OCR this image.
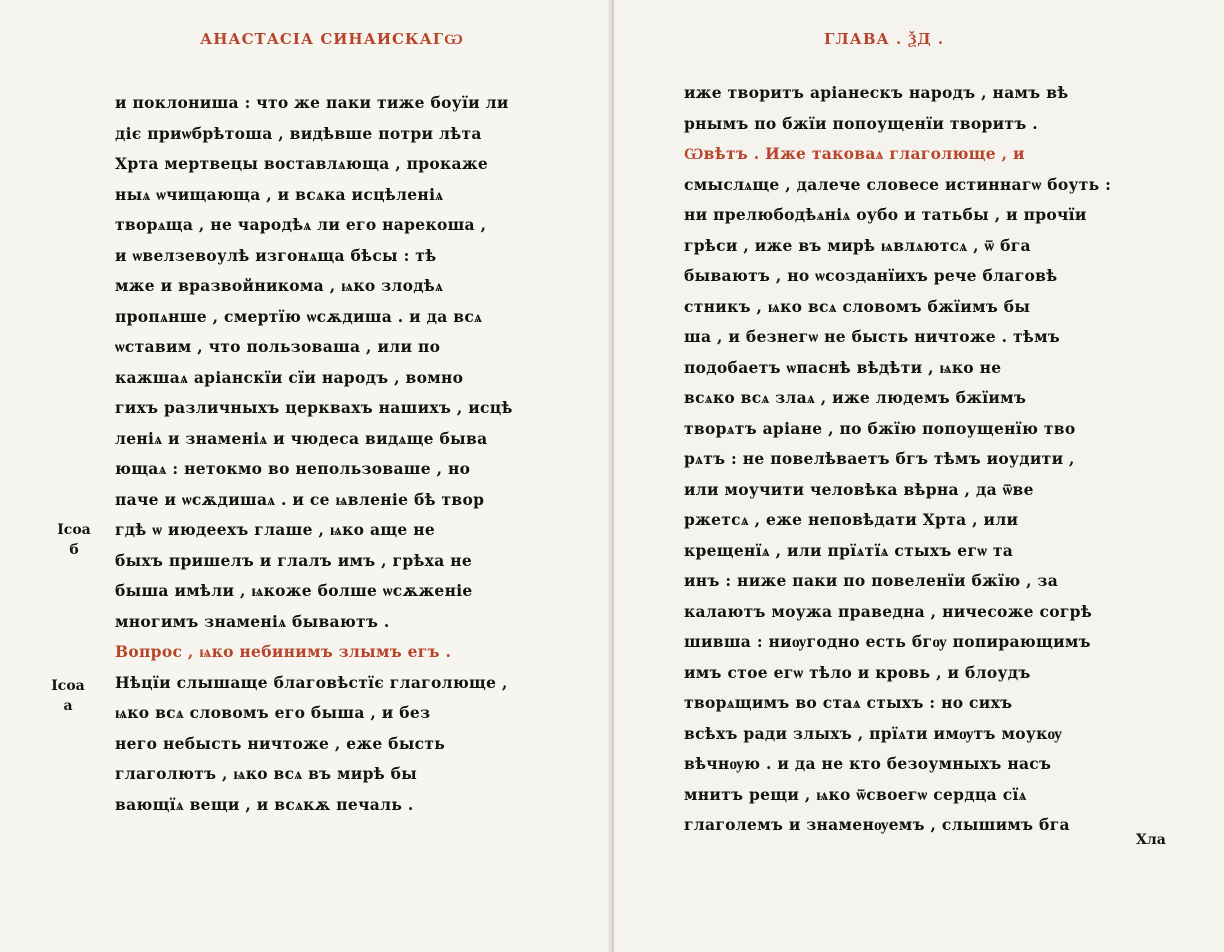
АНАСТАСІА СИНАИСКАГѠ
Ісоа
б
Ісоа
а
и поклониша : что же паки тиже боуїи ли
діє приѡбрѣтоша , видѣвше потри лѣта
Хрта мертвецы воставлѧюща , прокаже
ныѧ ѡчищающа , и всѧка исцѣленіѧ
творѧща , не чародѣѧ ли его нарекоша ,
и ѡвелзевоулѣ изгонѧща бѣсы : тѣ
мже и вразвойникома , ѩко злодѣѧ
пропѧнше , смертїю ѡсѫдиша . и да всѧ
ѡставим , что пользоваша , или по
кажшаѧ аріанскїи сїи народъ , вомно
гихъ различныхъ церквахъ нашихъ , исцѣ
леніѧ и знаменіѧ и чюдеса видѧще быва
ющаѧ : нетокмо во непользоваше , но
паче и ѡсѫдишаѧ . и се ѩвленіе бѣ твор
гдѣ ѡ июдеехъ глаше , ѩко аще не
быхъ пришелъ и глалъ имъ , грѣха не
быша имѣли , ѩкоже болше ѡсѫженіе
многимъ знаменіѧ бываютъ .
Вопрос , ѩко небинимъ злымъ егъ .
Нѣцїи слышаще благовѣстїє глаголюще ,
ѩко всѧ словомъ его быша , и без
него небысть ничтоже , еже бысть
глаголютъ , ѩко всѧ въ мирѣ бы
вающїѧ вещи , и всѧкѫ печаль .
ГЛАВА . ѮД .
иже творитъ аріанескъ народъ , намъ вѣ
рнымъ по бжїи попоущенїи творитъ .
Ѡвѣтъ . Иже таковаѧ глаголюще , и
смыслѧще , далече словесе истиннагѡ боуть :
ни прелюбодѣѧніѧ оубо и татьбы , и прочїи
грѣси , иже въ мирѣ ѩвлѧютсѧ , ѿ бга
бываютъ , но ѡсозданїихъ рече благовѣ
стникъ , ѩко всѧ словомъ бжїимъ бы
ша , и безнегѡ не бысть ничтоже . тѣмъ
подобаетъ ѡпаснѣ вѣдѣти , ѩко не
всѧко всѧ злаѧ , иже людемъ бжїимъ
творѧтъ аріане , по бжїю попоущенїю тво
рѧтъ : не повелѣваетъ бгъ тѣмъ иоудити ,
или моучити человѣка вѣрна , да ѿве
ржетсѧ , еже неповѣдати Хрта , или
крещенїѧ , или прїѧтїѧ стыхъ егѡ та
инъ : ниже паки по повеленїи бжїю , за
калаютъ моужа праведна , ничесоже согрѣ
шивша : ниѹгодно есть бгѹ попирающимъ
имъ стое егѡ тѣло и кровь , и блоудъ
творѧщимъ во стаѧ стыхъ : но сихъ
всѣхъ ради злыхъ , прїѧти имѹтъ моукѹ
вѣчнѹю . и да не кто безоумныхъ насъ
мнитъ рещи , ѩко ѿсвоегѡ сердца сїѧ
глаголемъ и знаменѹемъ , слышимъ бга
Хла
